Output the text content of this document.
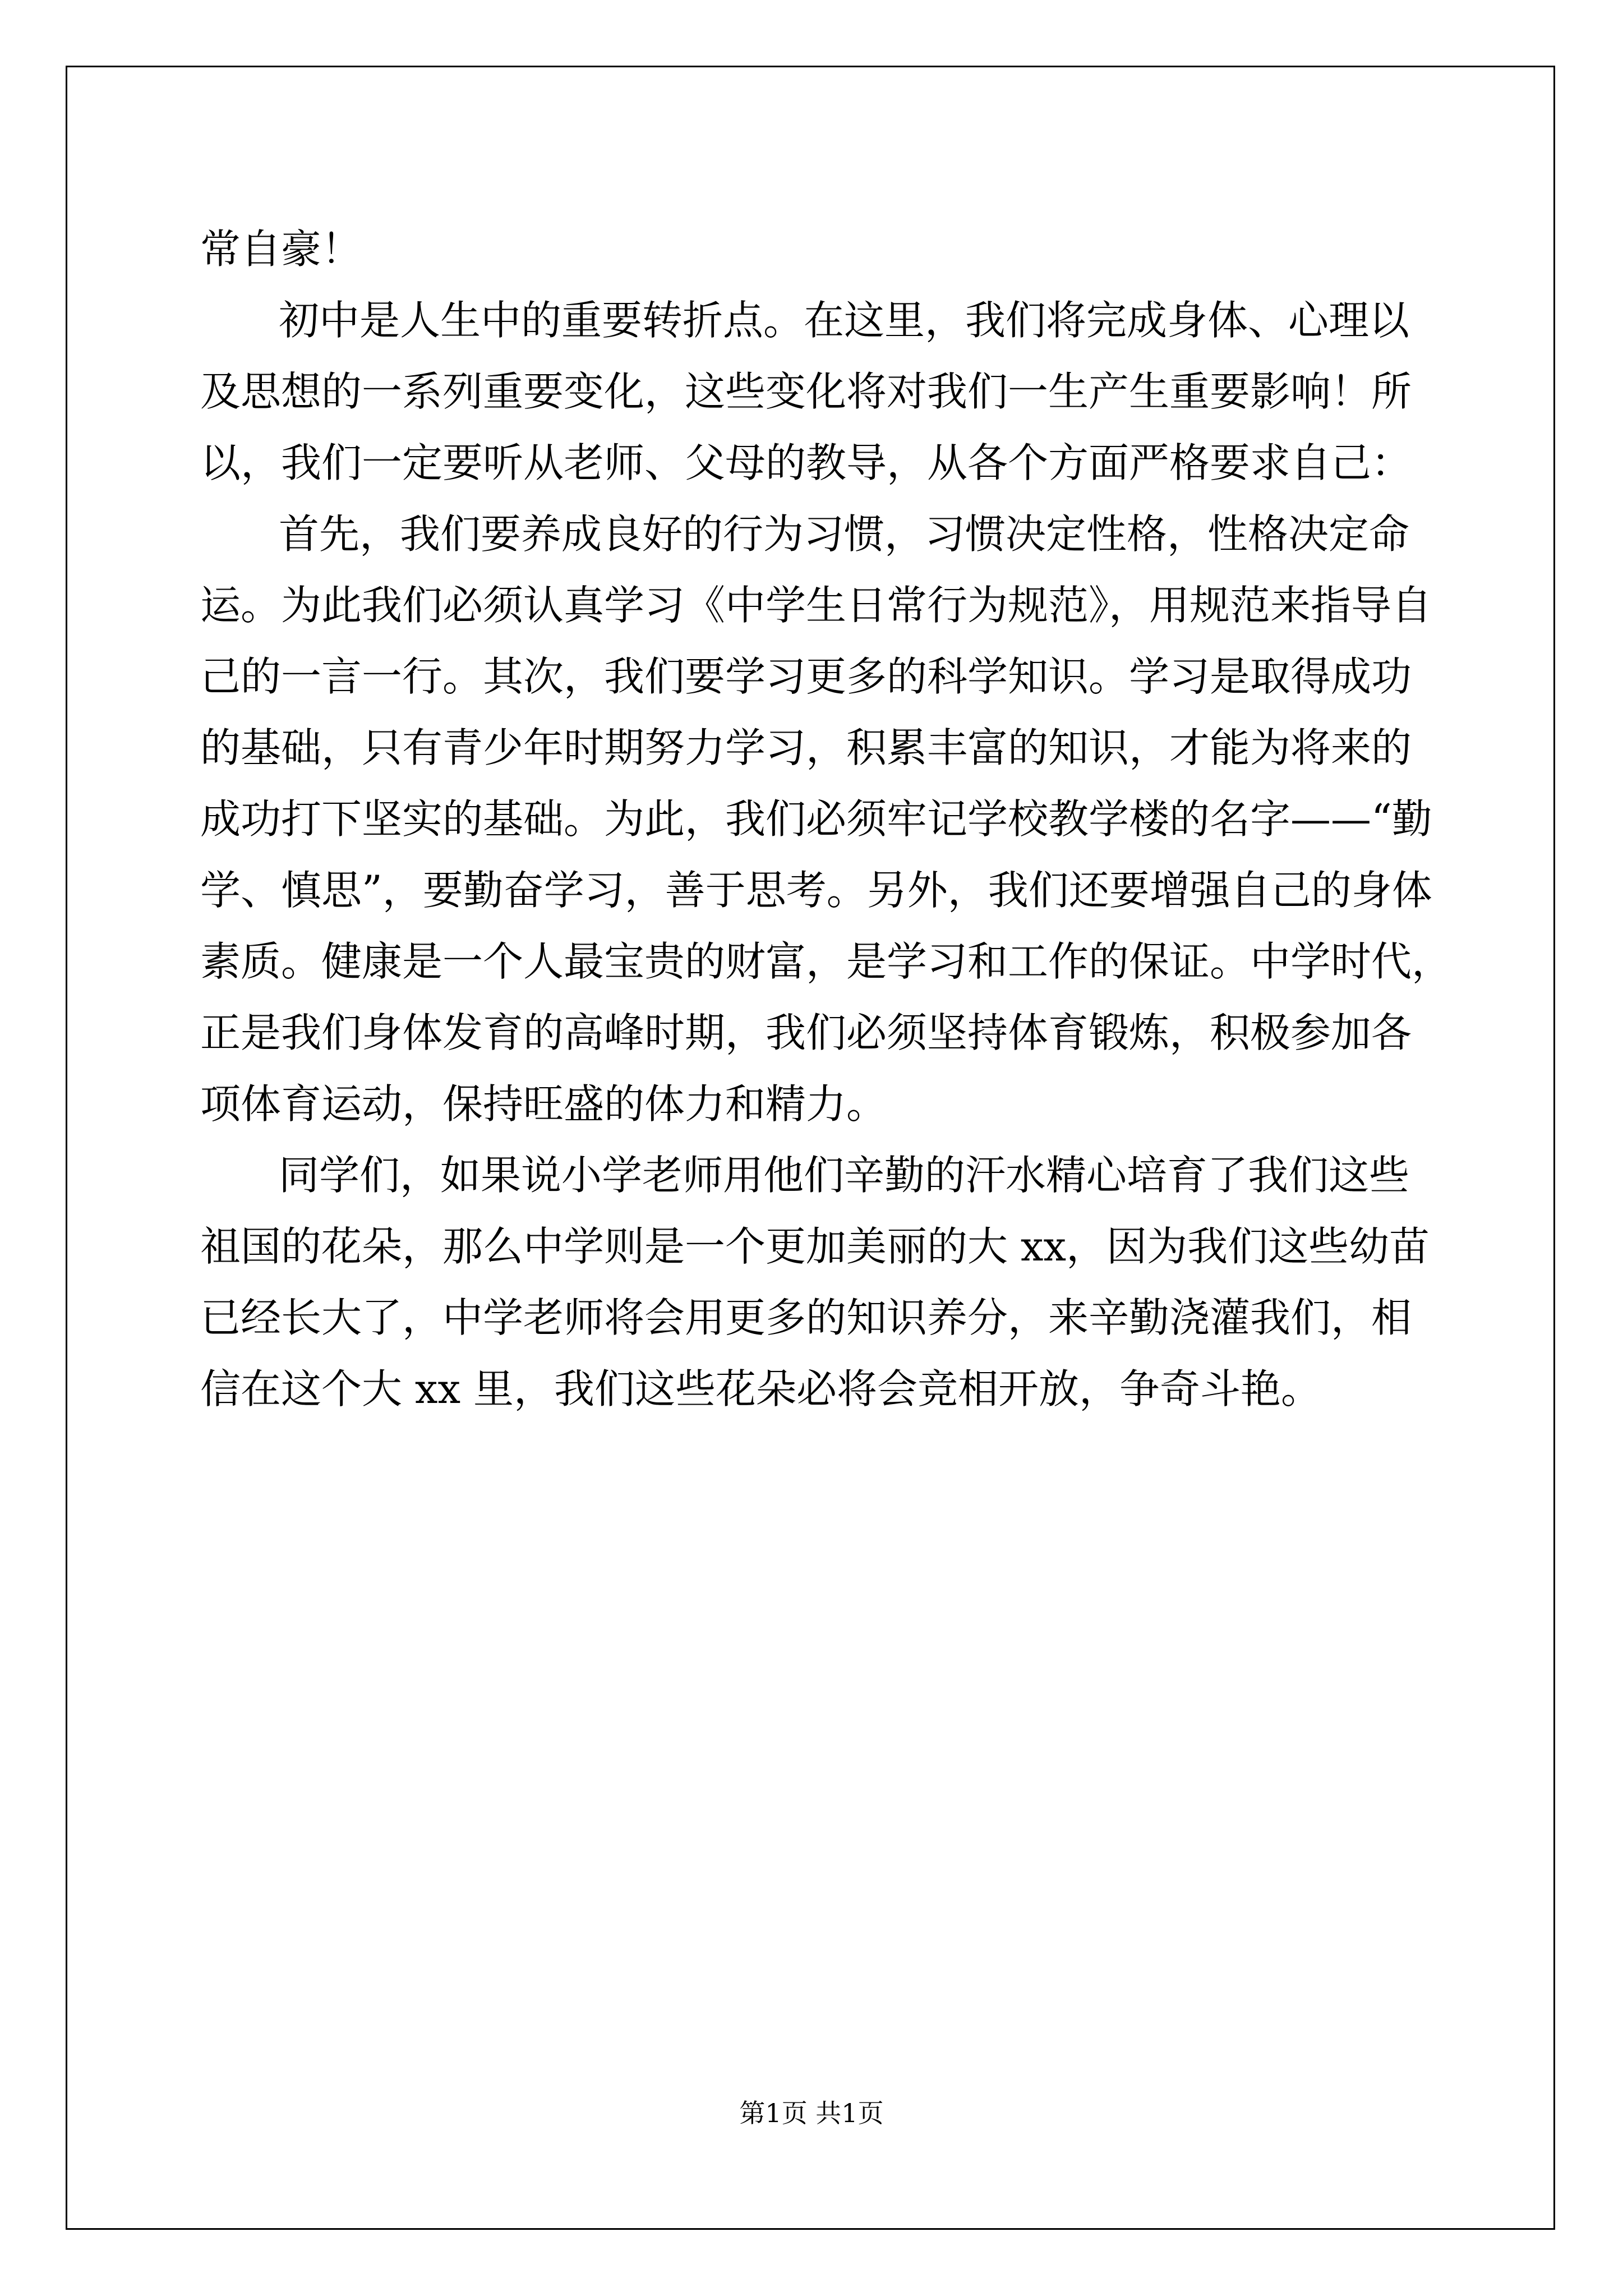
常自豪！
初中是人生中的重要转折点。在这里，我们将完成身体、心理以
及思想的一系列重要变化，这些变化将对我们一生产生重要影响！所
以，我们一定要听从老师、父母的教导，从各个方面严格要求自己：
首先，我们要养成良好的行为习惯，习惯决定性格，性格决定命
运。为此我们必须认真学习《中学生日常行为规范》，用规范来指导自
己的一言一行。其次，我们要学习更多的科学知识。学习是取得成功
的基础，只有青少年时期努力学习，积累丰富的知识，才能为将来的
成功打下坚实的基础。为此，我们必须牢记学校教学楼的名字——“勤
学、慎思”，要勤奋学习，善于思考。另外，我们还要增强自己的身体
素质。健康是一个人最宝贵的财富，是学习和工作的保证。中学时代，
正是我们身体发育的高峰时期，我们必须坚持体育锻炼，积极参加各
项体育运动，保持旺盛的体力和精力。
同学们，如果说小学老师用他们辛勤的汗水精心培育了我们这些
祖国的花朵，那么中学则是一个更加美丽的大 xx，因为我们这些幼苗
已经长大了，中学老师将会用更多的知识养分，来辛勤浇灌我们，相
信在这个大 xx 里，我们这些花朵必将会竞相开放，争奇斗艳。
第1页 共1页
